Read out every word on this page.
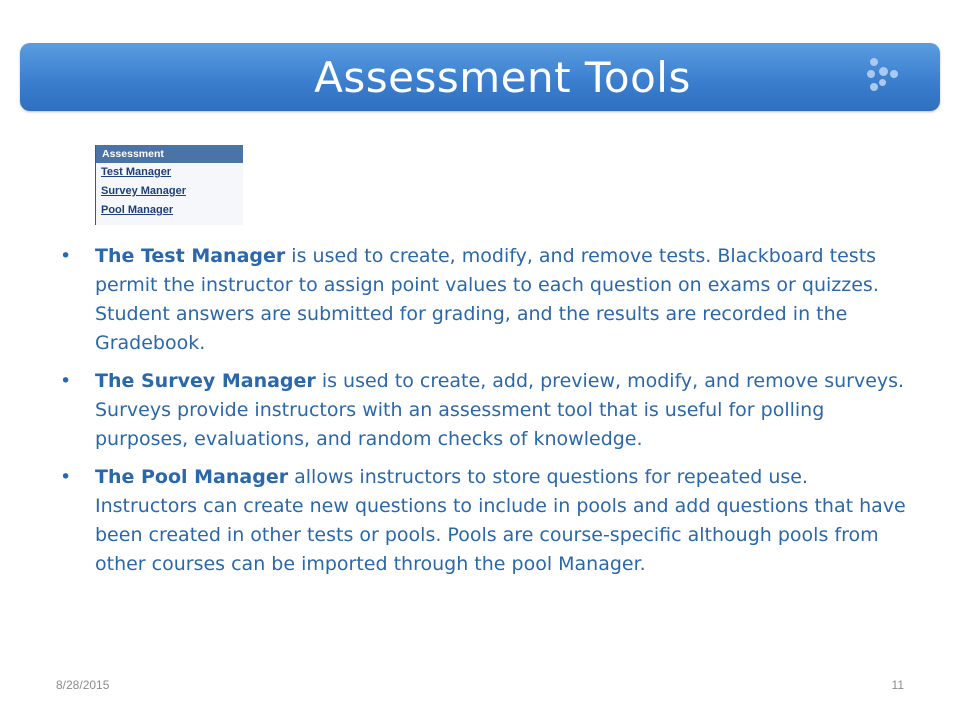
Assessment Tools
Assessment
Test Manager
Survey Manager
Pool Manager
• The Test Manager is used to create, modify, and remove tests. Blackboard tests permit the instructor to assign point values to each question on exams or quizzes. Student answers are submitted for grading, and the results are recorded in the Gradebook.
• The Survey Manager is used to create, add, preview, modify, and remove surveys. Surveys provide instructors with an assessment tool that is useful for polling purposes, evaluations, and random checks of knowledge.
• The Pool Manager allows instructors to store questions for repeated use. Instructors can create new questions to include in pools and add questions that have been created in other tests or pools. Pools are course-specific although pools from other courses can be imported through the pool Manager.
8/28/2015	11
